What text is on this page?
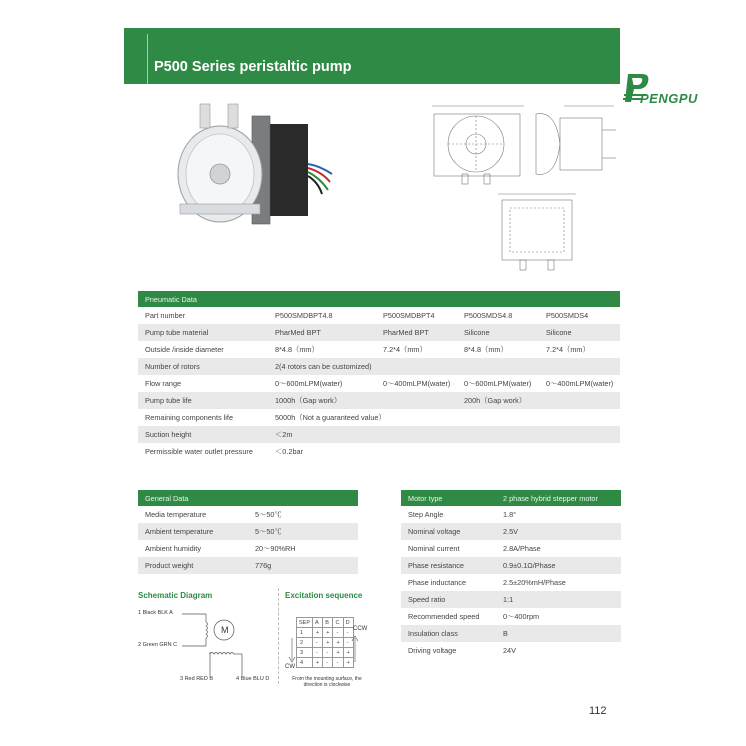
P500 Series peristaltic pump
PENGPU
Pneumatic Data				
Part number	P500SMDBPT4.8	P500SMDBPT4	P500SMDS4.8	P500SMDS4
Pump tube material	PharMed BPT	PharMed BPT	Silicone	Silicone
Outside /inside diameter	8*4.8（mm）	7.2*4（mm）	8*4.8（mm）	7.2*4（mm）
Number of rotors	2(4 rotors can be customized)			
Flow range	0～600mLPM(water)	0～400mLPM(water)	0～600mLPM(water)	0～400mLPM(water)
Pump tube life	1000h（Gap work）		200h（Gap work）	
Remaining components life	5000h（Not a guaranteed value）			
Suction height	＜2m			
Permissible water outlet pressure	＜0.2bar			
General Data	
Media temperature	5～50℃
Ambient temperature	5～50℃
Ambient humidity	20～90%RH
Product weight	776g
Motor type	2 phase hybrid stepper motor
Step Angle	1.8°
Nominal voltage	2.5V
Nominal current	2.8A/Phase
Phase resistance	0.9±0.1Ω/Phase
Phase inductance	2.5±20%mH/Phase
Speed ratio	1:1
Recommended speed	0～400rpm
Insulation class	B
Driving voltage	24V
Schematic Diagram
1 Black BLK A
2 Green GRN C
3 Red RED B	4 Blue BLU D
M
Excitation sequence
SEP	A	B	C	D
1	+	+	-	-
2	-	+	+	-
3	-	-	+	+
4	+	-	-	+
CCW
CW
From the mounting surface, the direction is clockwise
112
